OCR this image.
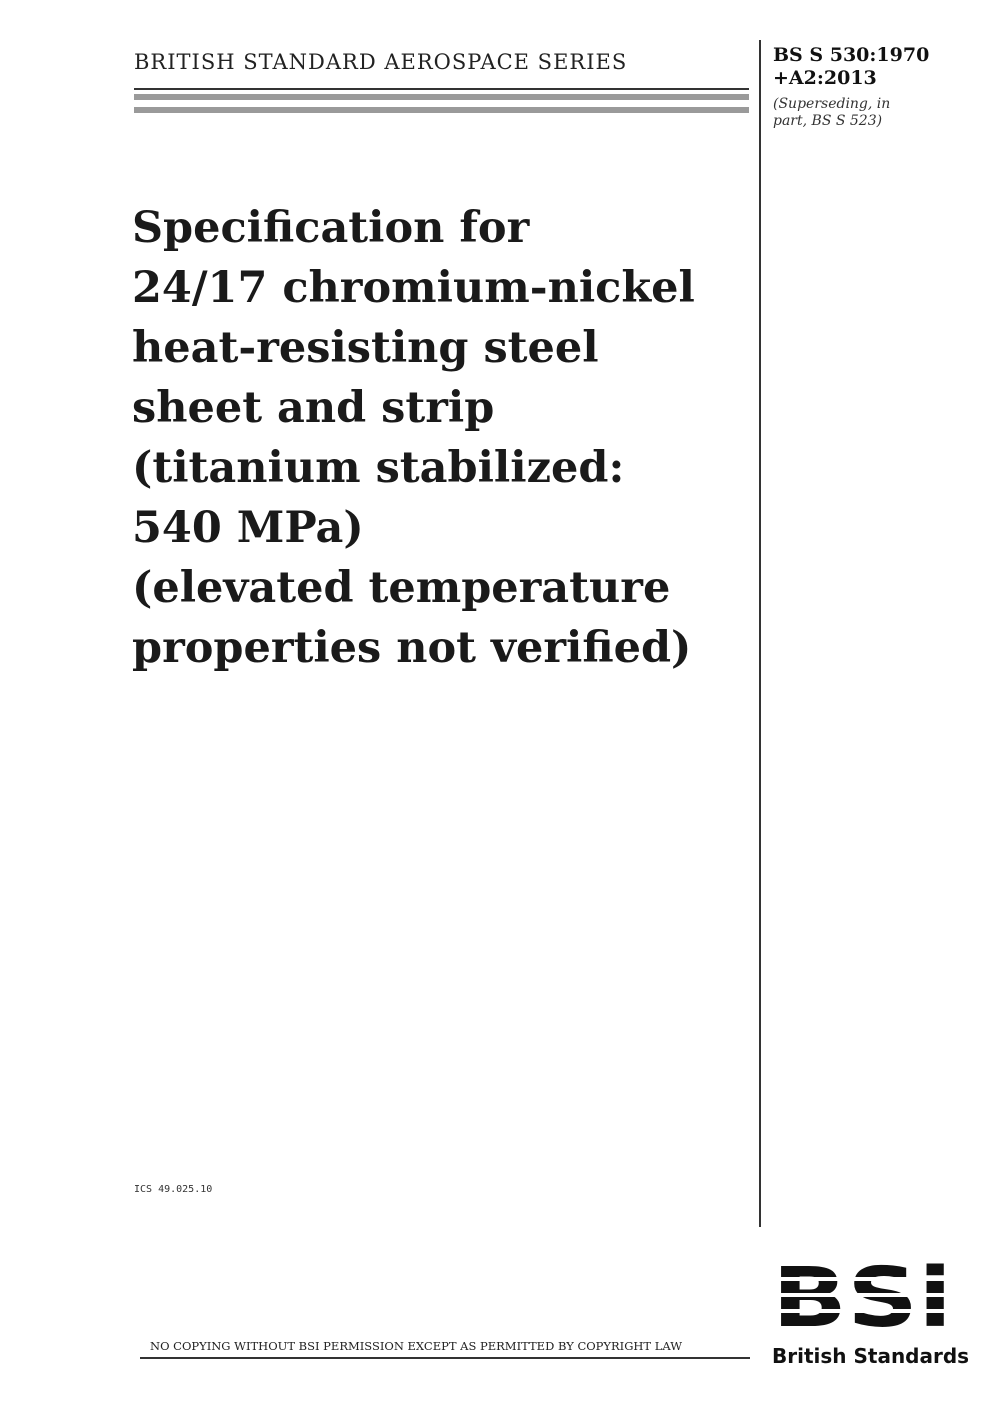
BRITISH STANDARD AEROSPACE SERIES	BS S 530:1970
+A2:2013
(Superseding, in part, BS S 523)
Specification for
24/17 chromium-nickel
heat-resisting steel
sheet and strip
(titanium stabilized:
540 MPa)
(elevated temperature
properties not verified)
ICS 49.025.10
NO COPYING WITHOUT BSI PERMISSION EXCEPT AS PERMITTED BY COPYRIGHT LAW	British Standards
